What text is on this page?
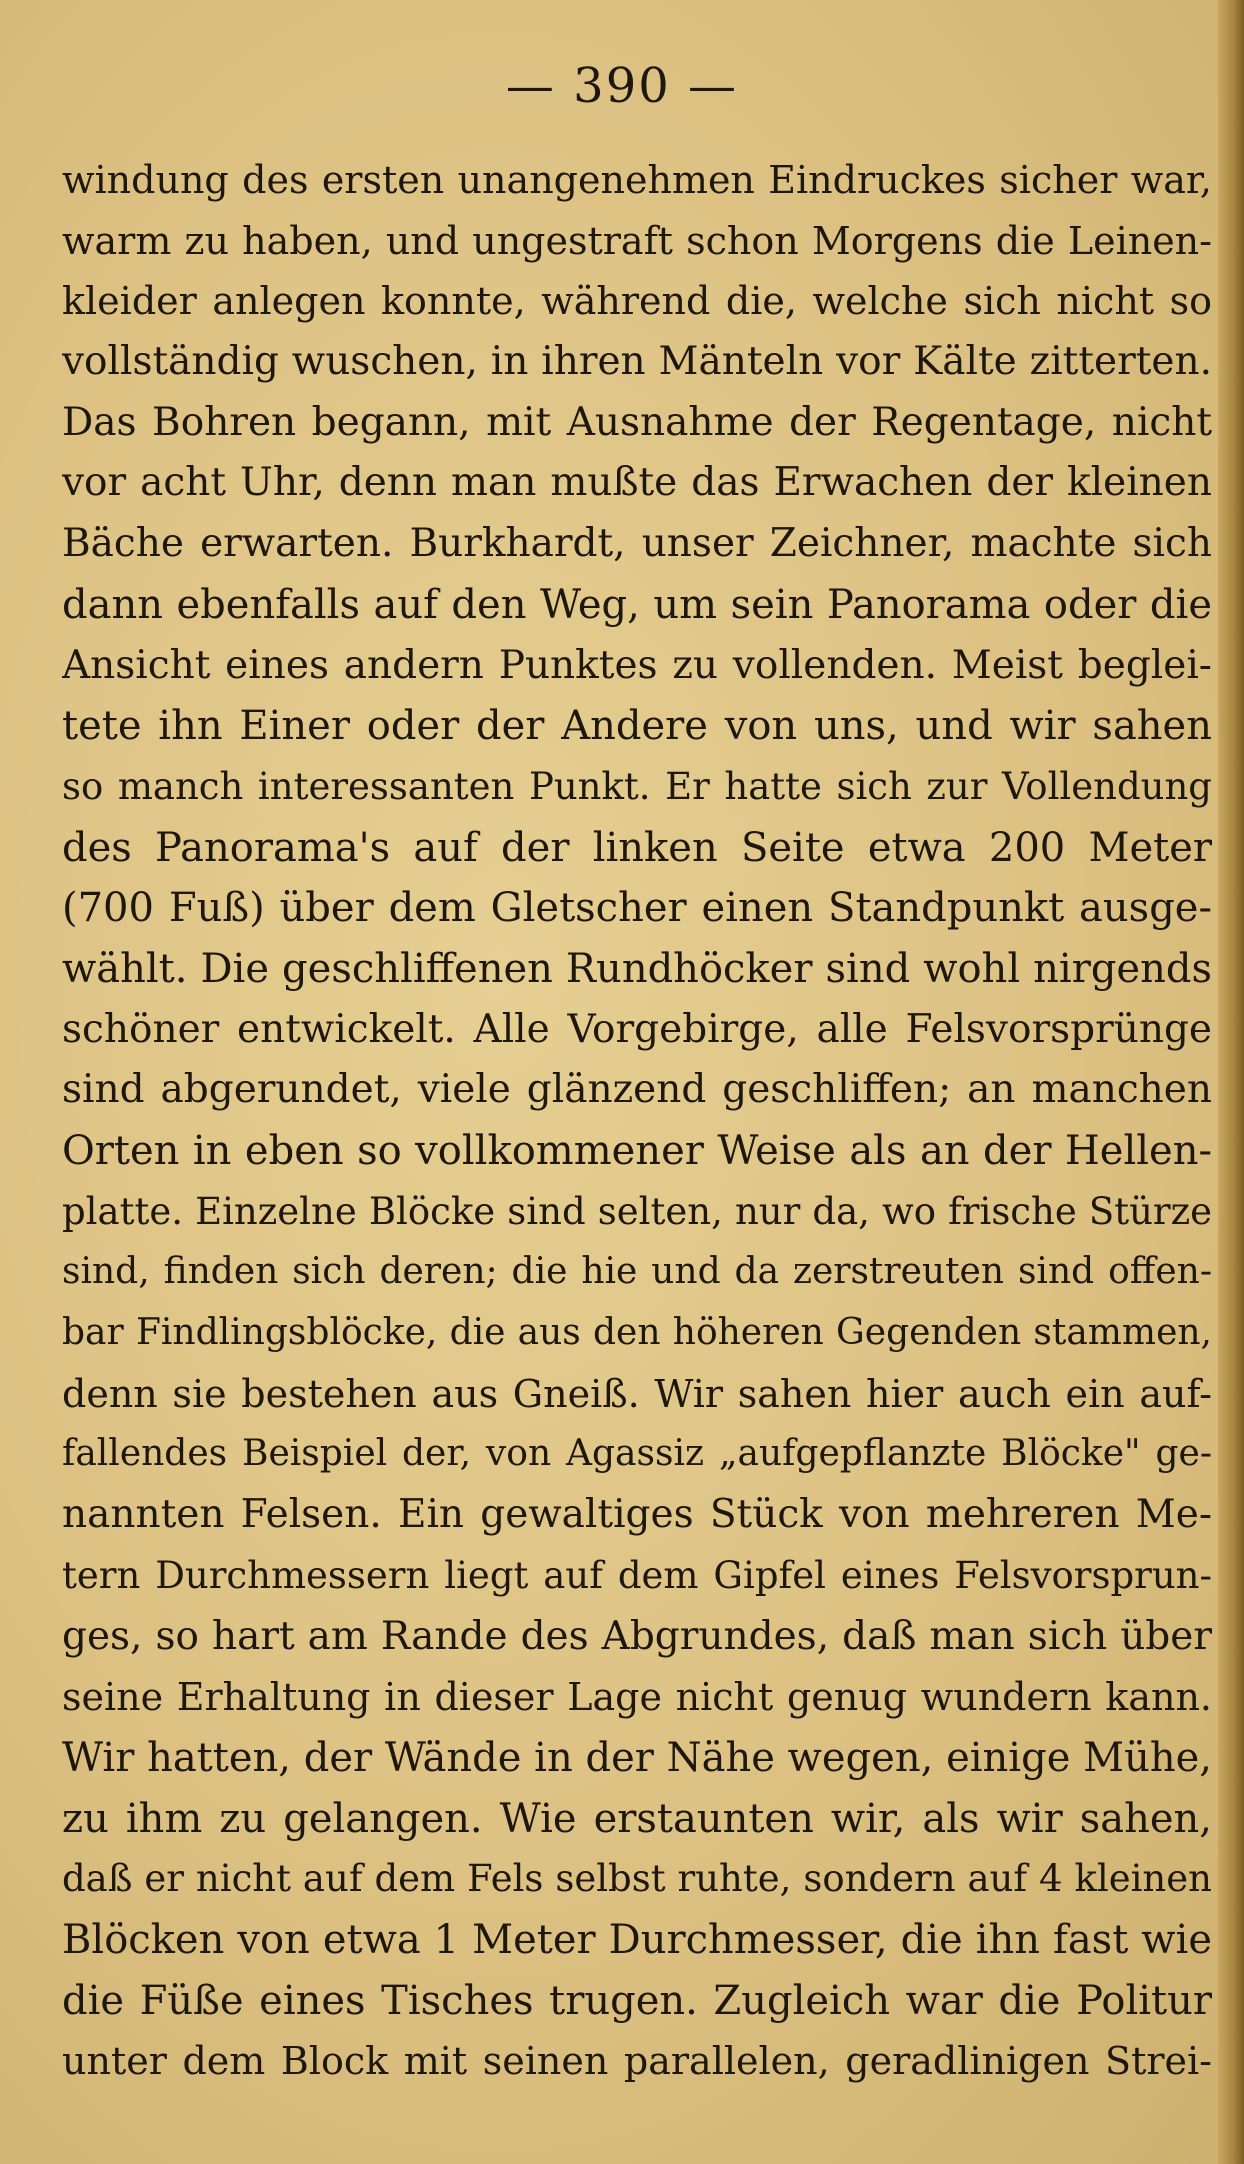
— 390 —
windung des ersten unangenehmen Eindruckes sicher war,
warm zu haben, und ungestraft schon Morgens die Leinen-
kleider anlegen konnte, während die, welche sich nicht so
vollständig wuschen, in ihren Mänteln vor Kälte zitterten.
Das Bohren begann, mit Ausnahme der Regentage, nicht
vor acht Uhr, denn man mußte das Erwachen der kleinen
Bäche erwarten. Burkhardt, unser Zeichner, machte sich
dann ebenfalls auf den Weg, um sein Panorama oder die
Ansicht eines andern Punktes zu vollenden. Meist beglei-
tete ihn Einer oder der Andere von uns, und wir sahen
so manch interessanten Punkt. Er hatte sich zur Vollendung
des Panorama's auf der linken Seite etwa 200 Meter
(700 Fuß) über dem Gletscher einen Standpunkt ausge-
wählt. Die geschliffenen Rundhöcker sind wohl nirgends
schöner entwickelt. Alle Vorgebirge, alle Felsvorsprünge
sind abgerundet, viele glänzend geschliffen; an manchen
Orten in eben so vollkommener Weise als an der Hellen-
platte. Einzelne Blöcke sind selten, nur da, wo frische Stürze
sind, finden sich deren; die hie und da zerstreuten sind offen-
bar Findlingsblöcke, die aus den höheren Gegenden stammen,
denn sie bestehen aus Gneiß. Wir sahen hier auch ein auf-
fallendes Beispiel der, von Agassiz „aufgepflanzte Blöcke" ge-
nannten Felsen. Ein gewaltiges Stück von mehreren Me-
tern Durchmessern liegt auf dem Gipfel eines Felsvorsprun-
ges, so hart am Rande des Abgrundes, daß man sich über
seine Erhaltung in dieser Lage nicht genug wundern kann.
Wir hatten, der Wände in der Nähe wegen, einige Mühe,
zu ihm zu gelangen. Wie erstaunten wir, als wir sahen,
daß er nicht auf dem Fels selbst ruhte, sondern auf 4 kleinen
Blöcken von etwa 1 Meter Durchmesser, die ihn fast wie
die Füße eines Tisches trugen. Zugleich war die Politur
unter dem Block mit seinen parallelen, geradlinigen Strei-
